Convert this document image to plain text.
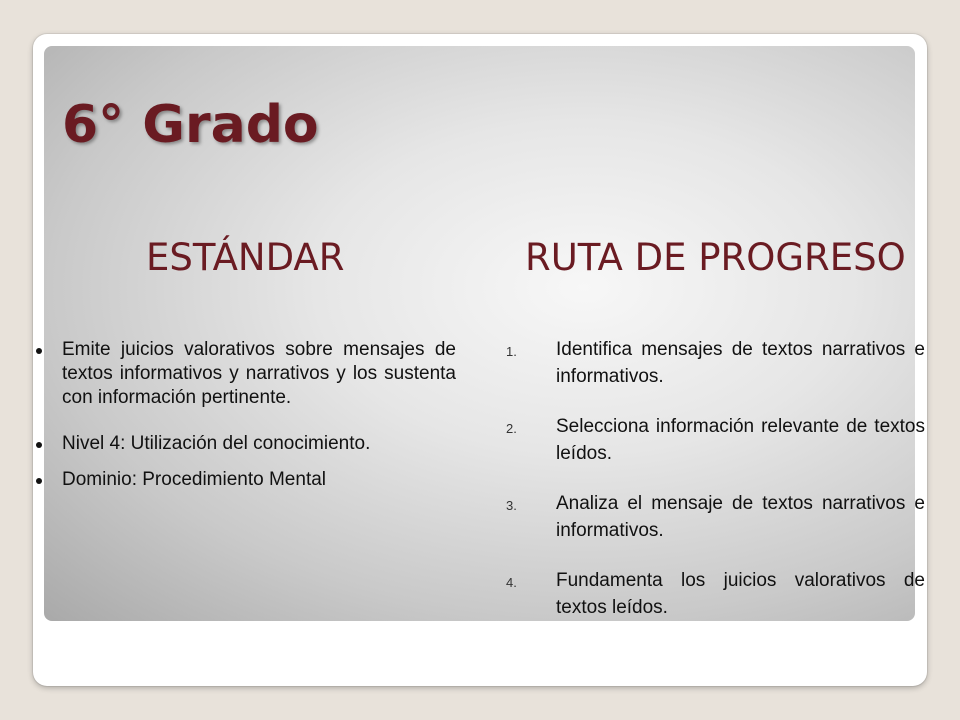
6° Grado
ESTÁNDAR	RUTA DE PROGRESO
Emite juicios valorativos sobre mensajes de textos informativos y narrativos y los sustenta con información pertinente.
Nivel 4: Utilización del conocimiento.
Dominio: Procedimiento Mental
1. Identifica mensajes de textos narrativos e informativos.
2. Selecciona información relevante de textos leídos.
3. Analiza el mensaje de textos narrativos e informativos.
4. Fundamenta los juicios valorativos de textos leídos.
